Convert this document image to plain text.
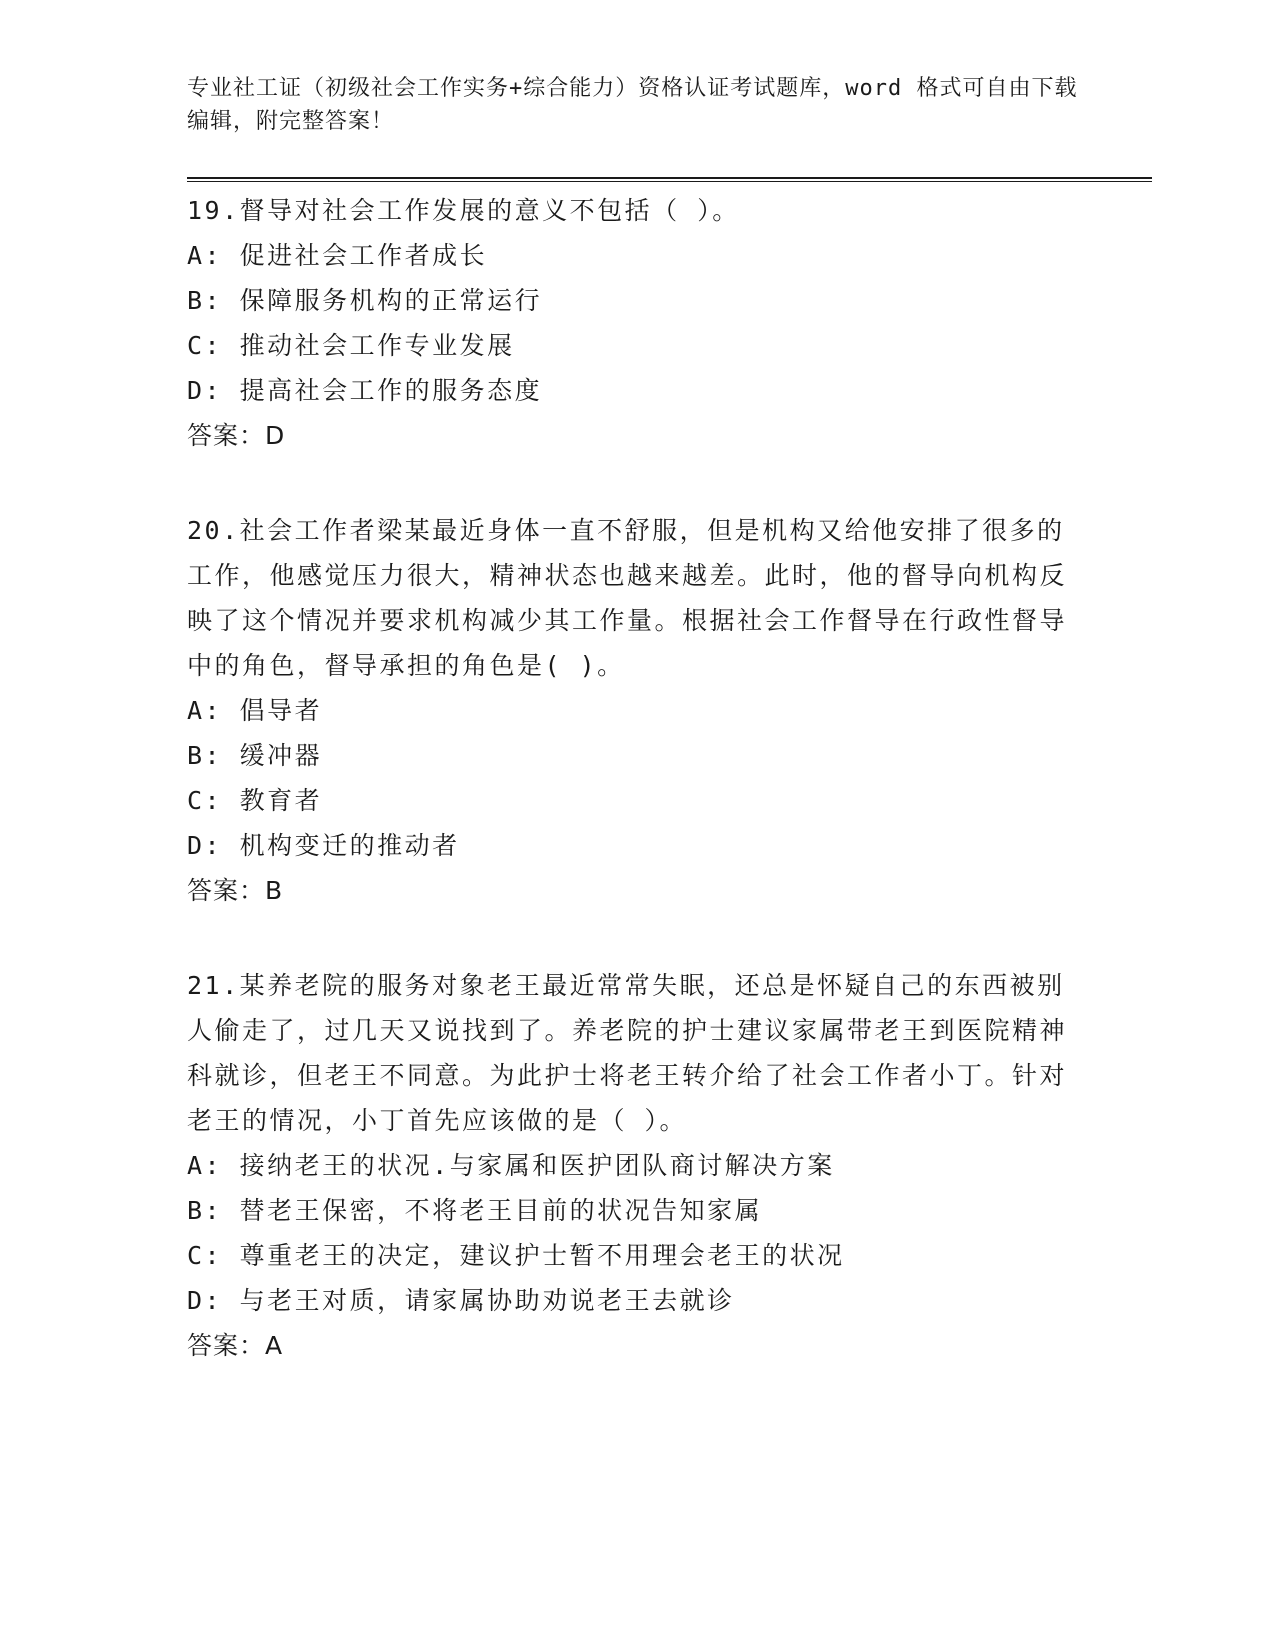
专业社工证（初级社会工作实务+综合能力）资格认证考试题库，word 格式可自由下载编辑，附完整答案！

19.督导对社会工作发展的意义不包括（ ）。

A: 促进社会工作者成长

B: 保障服务机构的正常运行

C: 推动社会工作专业发展

D: 提高社会工作的服务态度

答案：D

20.社会工作者梁某最近身体一直不舒服，但是机构又给他安排了很多的工作，他感觉压力很大，精神状态也越来越差。此时，他的督导向机构反映了这个情况并要求机构减少其工作量。根据社会工作督导在行政性督导中的角色，督导承担的角色是( )。

A: 倡导者

B: 缓冲器

C: 教育者

D: 机构变迁的推动者

答案：B

21.某养老院的服务对象老王最近常常失眠，还总是怀疑自己的东西被别人偷走了，过几天又说找到了。养老院的护士建议家属带老王到医院精神科就诊，但老王不同意。为此护士将老王转介给了社会工作者小丁。针对老王的情况，小丁首先应该做的是（ ）。

A: 接纳老王的状况.与家属和医护团队商讨解决方案

B: 替老王保密，不将老王目前的状况告知家属

C: 尊重老王的决定，建议护士暂不用理会老王的状况

D: 与老王对质，请家属协助劝说老王去就诊

答案：A
